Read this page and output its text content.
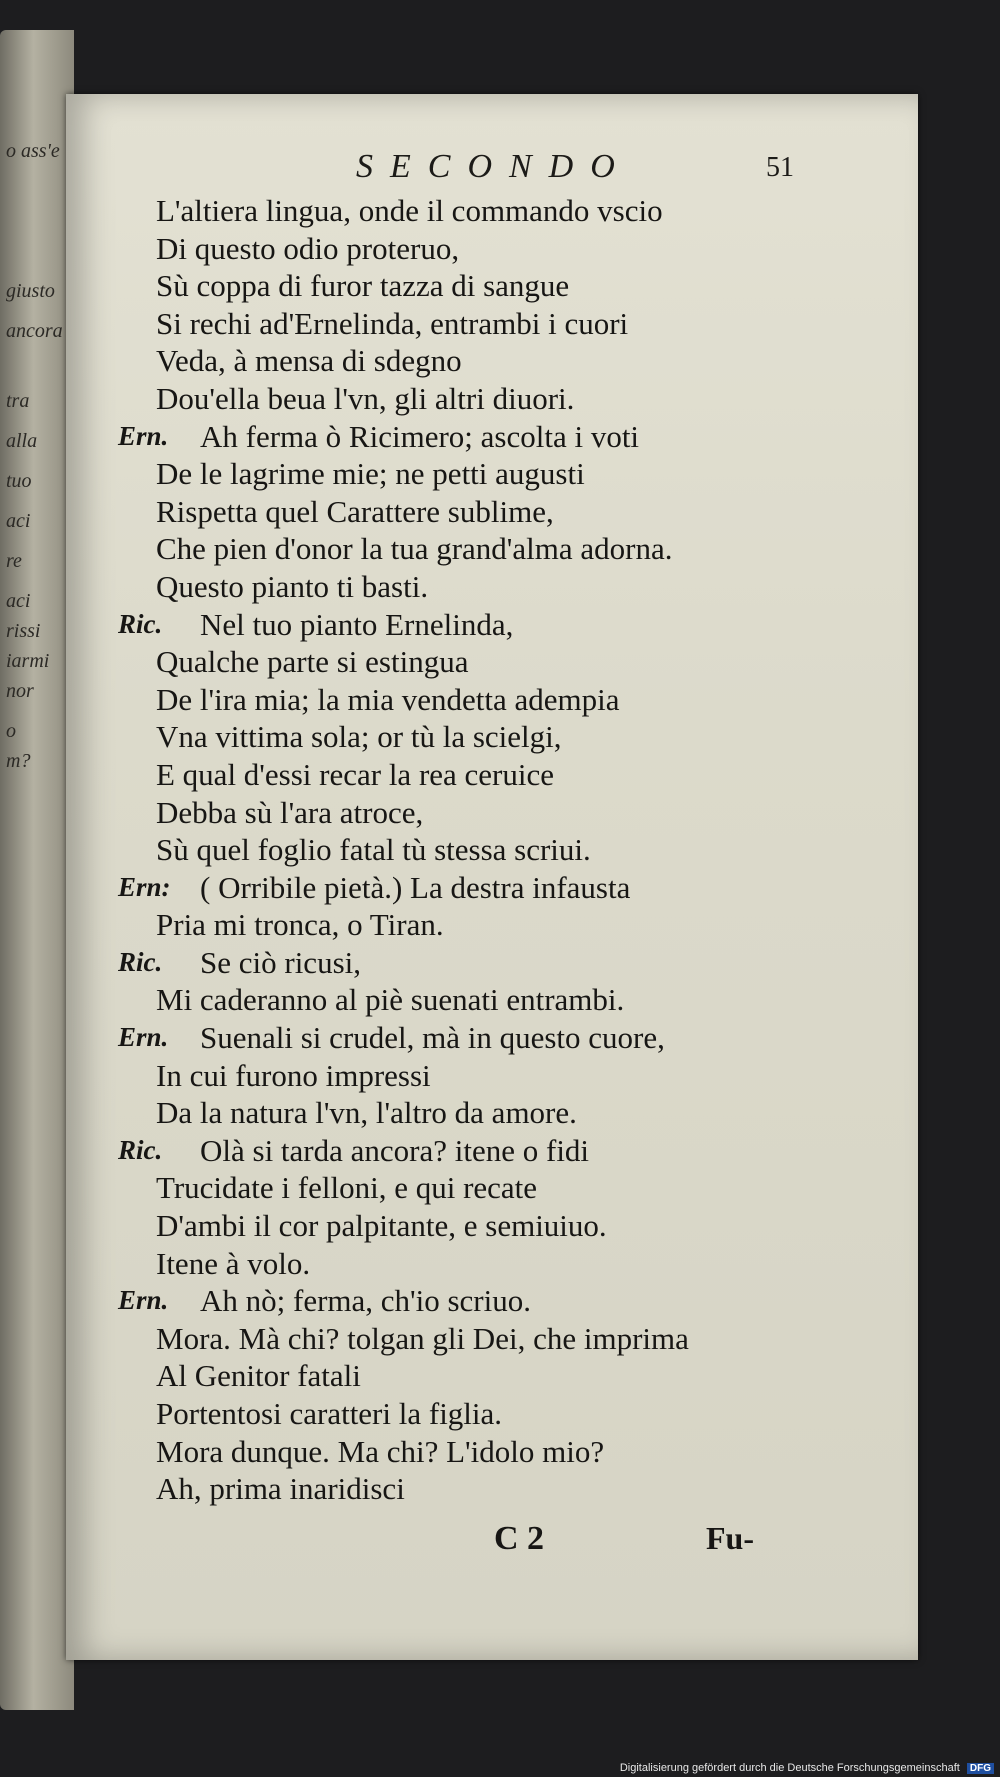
o ass'e
giusto
ancora
tra
alla
tuo
aci
re
aci
rissi
iarmi
nor
o
m?
SECONDO	51
L'altiera lingua, onde il commando vscio
Di questo odio proteruo,
Sù coppa di furor tazza di sangue
Si rechi ad'Ernelinda, entrambi i cuori
Veda, à mensa di sdegno
Dou'ella beua l'vn, gli altri diuori.
Ern. Ah ferma ò Ricimero; ascolta i voti
De le lagrime mie; ne petti augusti
Rispetta quel Carattere sublime,
Che pien d'onor la tua grand'alma adorna.
Questo pianto ti basti.
Ric. Nel tuo pianto Ernelinda,
Qualche parte si estingua
De l'ira mia; la mia vendetta adempia
Vna vittima sola; or tù la scielgi,
E qual d'essi recar la rea ceruice
Debba sù l'ara atroce,
Sù quel foglio fatal tù stessa scriui.
Ern: ( Orribile pietà.) La destra infausta
Pria mi tronca, o Tiran.
Ric. Se ciò ricusi,
Mi caderanno al piè suenati entrambi.
Ern. Suenali si crudel, mà in questo cuore,
In cui furono impressi
Da la natura l'vn, l'altro da amore.
Ric. Olà si tarda ancora? itene o fidi
Trucidate i felloni, e qui recate
D'ambi il cor palpitante, e semiuiuo.
Itene à volo.
Ern. Ah nò; ferma, ch'io scriuo.
Mora. Mà chi? tolgan gli Dei, che imprima
Al Genitor fatali
Portentosi caratteri la figlia.
Mora dunque. Ma chi? L'idolo mio?
Ah, prima inaridisci
C 2	Fu-
Digitalisierung gefördert durch die Deutsche Forschungsgemeinschaft DFG
